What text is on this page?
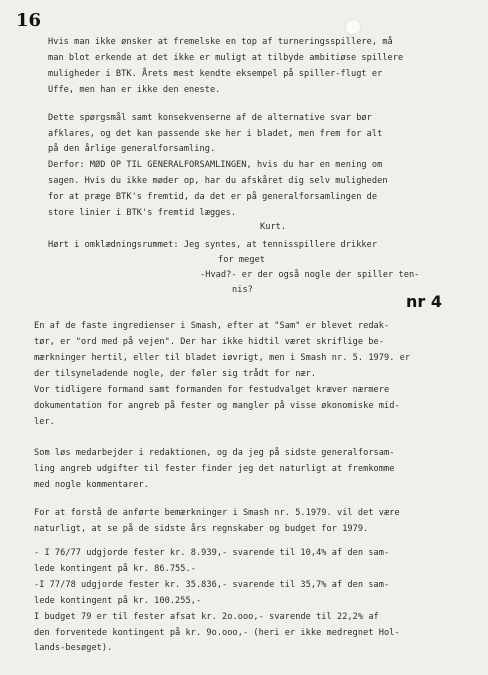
16
Hvis man ikke ønsker at fremelske en top af turneringsspillere, må
man blot erkende at det ikke er muligt at tilbyde ambitiøse spillere
muligheder i BTK. Årets mest kendte eksempel på spiller-flugt er
Uffe, men han er ikke den eneste.
Dette spørgsmål samt konsekvenserne af de alternative svar bør
afklares, og det kan passende ske her i bladet, men frem for alt
på den årlige generalforsamling.
Derfor: MØD OP TIL GENERALFORSAMLINGEN, hvis du har en mening om
sagen. Hvis du ikke møder op, har du afskåret dig selv muligheden
for at præge BTK's fremtid, da det er på generalforsamlingen de
store linier i BTK's fremtid lægges.
Kurt.
Hørt i omklædningsrummet: Jeg syntes, at tennisspillere drikker
for meget
-Hvad?- er der også nogle der spiller ten-
nis?
nr 4
En af de faste ingredienser i Smash, efter at "Sam" er blevet redak-
tør, er "ord med på vejen". Der har ikke hidtil været skriflige be-
mærkninger hertil, eller til bladet iøvrigt, men i Smash nr. 5. 1979. er
der tilsyneladende nogle, der føler sig trådt for nær.
Vor tidligere formand samt formanden for festudvalget kræver nærmere
dokumentation for angreb på fester og mangler på visse økonomiske mid-
ler.
Som løs medarbejder i redaktionen, og da jeg på sidste generalforsam-
ling angreb udgifter til fester finder jeg det naturligt at fremkomme
med nogle kommentarer.
For at forstå de anførte bemærkninger i Smash nr. 5.1979. vil det være
naturligt, at se på de sidste års regnskaber og budget for 1979.
- I 76/77 udgjorde fester kr. 8.939,- svarende til 10,4% af den sam-
lede kontingent på kr. 86.755.-
-I 77/78 udgjorde fester kr. 35.836,- svarende til 35,7% af den sam-
lede kontingent på kr. 100.255,-
I budget 79 er til fester afsat kr. 2o.ooo,- svarende til 22,2% af
den forventede kontingent på kr. 9o.ooo,- (heri er ikke medregnet Hol-
lands-besøget).
